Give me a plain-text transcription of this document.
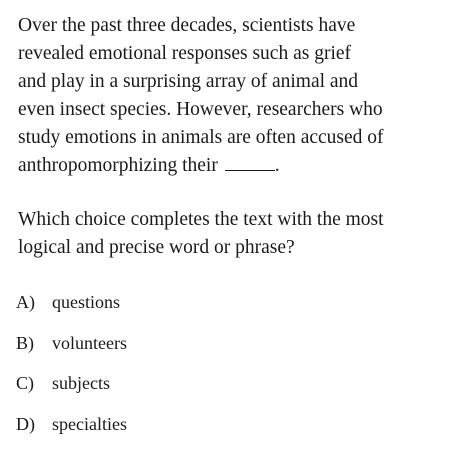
Over the past three decades, scientists have
revealed emotional responses such as grief
and play in a surprising array of animal and
even insect species. However, researchers who
study emotions in animals are often accused of
anthropomorphizing their	.

Which choice completes the text with the most
logical and precise word or phrase?

A) questions
B)	volunteers
C)	subjects
D) specialties
